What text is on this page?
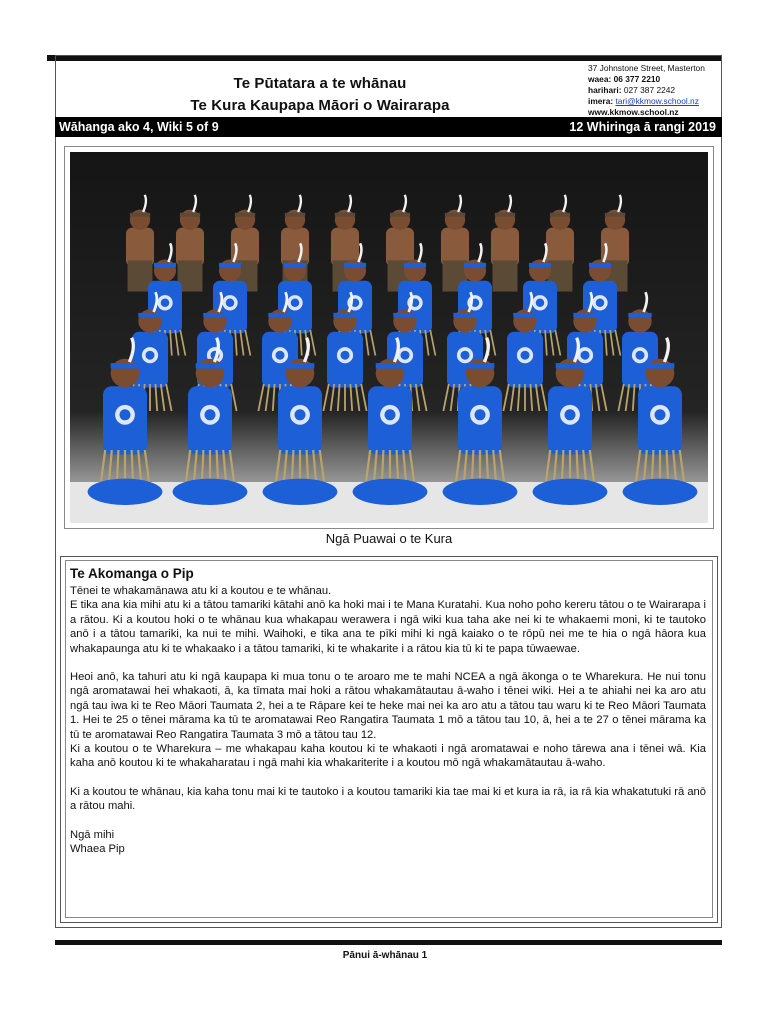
Te Pūtatara a te whānau
Te Kura Kaupapa Māori o Wairarapa
37 Johnstone Street, Masterton
waea: 06 377 2210
harihari: 027 387 2242
imera: tari@kkmow.school.nz
www.kkmow.school.nz
Wāhanga ako 4, Wiki 5 of 9	12 Whiringa ā rangi 2019
Ngā Puawai o te Kura
Te Akomanga o Pip

Tēnei te whakamānawa atu ki a koutou e te whānau.

E tika ana kia mihi atu ki a tātou tamariki kātahi anō ka hoki mai i te Mana Kuratahi. Kua noho poho kereru tātou o te Wairarapa i a rātou. Ki a koutou hoki o te whānau kua whakapau werawera i ngā wiki kua taha ake nei ki te whakaemi moni, ki te tautoko anō i a tātou tamariki, ka nui te mihi. Waihoki, e tika ana te pīki mihi ki ngā kaiako o te rōpū nei me te hia o ngā hāora kua whakapaunga atu ki te whakaako i a tātou tamariki, ki te whakarite i a rātou kia tū ki te papa tūwaewae.

Heoi anō, ka tahuri atu ki ngā kaupapa ki mua tonu o te aroaro me te mahi NCEA a ngā ākonga o te Wharekura. He nui tonu ngā aromatawai hei whakaoti, ā, ka tīmata mai hoki a rātou whakamātautau ā-waho i tēnei wiki. Hei a te ahiahi nei ka aro atu ngā tau iwa ki te Reo Māori Taumata 2, hei a te Rāpare kei te heke mai nei ka aro atu a tātou tau waru ki te Reo Māori Taumata 1. Hei te 25 o tēnei mārama ka tū te aromatawai Reo Rangatira Taumata 1 mō a tātou tau 10, ā, hei a te 27 o tēnei mārama ka tū te aromatawai Reo Rangatira Taumata 3 mō a tātou tau 12.

Ki a koutou o te Wharekura – me whakapau kaha koutou ki te whakaoti i ngā aromatawai e noho tārewa ana i tēnei wā. Kia kaha anō koutou ki te whakaharatau i ngā mahi kia whakariterite i a koutou mō ngā whakamātautau ā-waho.

Ki a koutou te whānau, kia kaha tonu mai ki te tautoko i a koutou tamariki kia tae mai ki et kura ia rā, ia rā kia whakatutuki rā anō a rātou mahi.

Ngā mihi

Whaea Pip

Pānui ā-whānau 1
